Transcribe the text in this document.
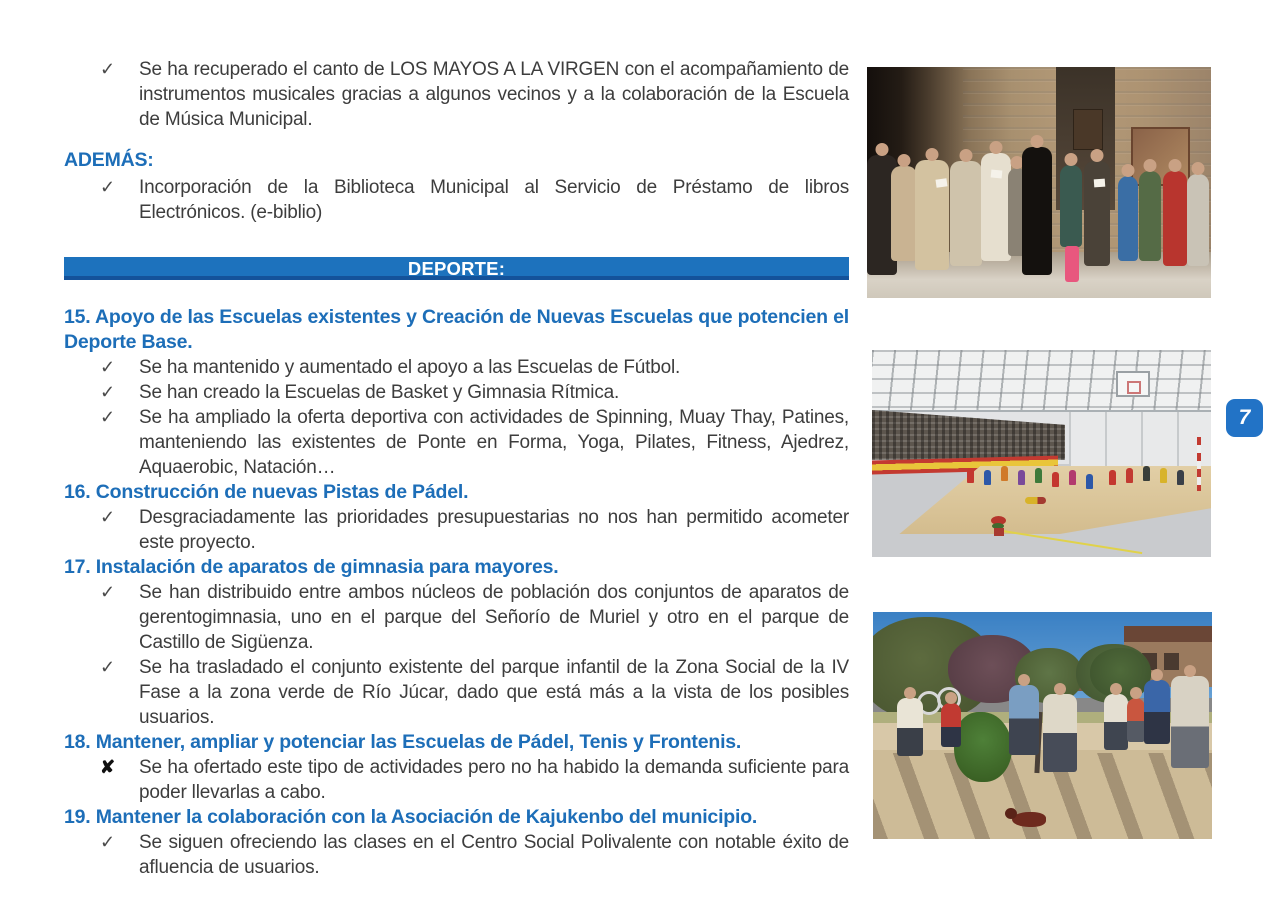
✓	Se ha recuperado el canto de LOS MAYOS A LA VIRGEN con el acompañamiento de instrumentos musicales gracias a algunos vecinos y a la colaboración de la Escuela de Música Municipal.

ADEMÁS:
✓	Incorporación de la Biblioteca Municipal al Servicio de Préstamo de libros Electrónicos. (e-biblio)

DEPORTE:
15. Apoyo de las Escuelas existentes y Creación de Nuevas Escuelas que potencien el Deporte Base.
✓	Se ha mantenido y aumentado el apoyo a las Escuelas de Fútbol.

✓	Se han creado la Escuelas de Basket y Gimnasia Rítmica.

✓	Se ha ampliado la oferta deportiva con actividades de Spinning, Muay Thay, Patines, manteniendo las existentes de Ponte en Forma, Yoga, Pilates, Fitness, Ajedrez, Aquaerobic, Natación…

16. Construcción de nuevas Pistas de Pádel.
✓	Desgraciadamente las prioridades presupuestarias no nos han permitido acometer este proyecto.

17. Instalación de aparatos de gimnasia para mayores.
✓	Se han distribuido entre ambos núcleos de población dos conjuntos de aparatos de gerentogimnasia, uno en el parque del Señorío de Muriel y otro en el parque de Castillo de Sigüenza.

✓	Se ha trasladado el conjunto existente del parque infantil de la Zona Social de la IV Fase a la zona verde de Río Júcar, dado que está más a la vista de los posibles usuarios.

18. Mantener, ampliar y potenciar las Escuelas de Pádel, Tenis y Frontenis.
✘	Se ha ofertado este tipo de actividades pero no ha habido la demanda suficiente para poder llevarlas a cabo.

19. Mantener la colaboración con la Asociación de Kajukenbo del municipio.
✓	Se siguen ofreciendo las clases en el Centro Social Polivalente con notable éxito de afluencia de usuarios.

7
